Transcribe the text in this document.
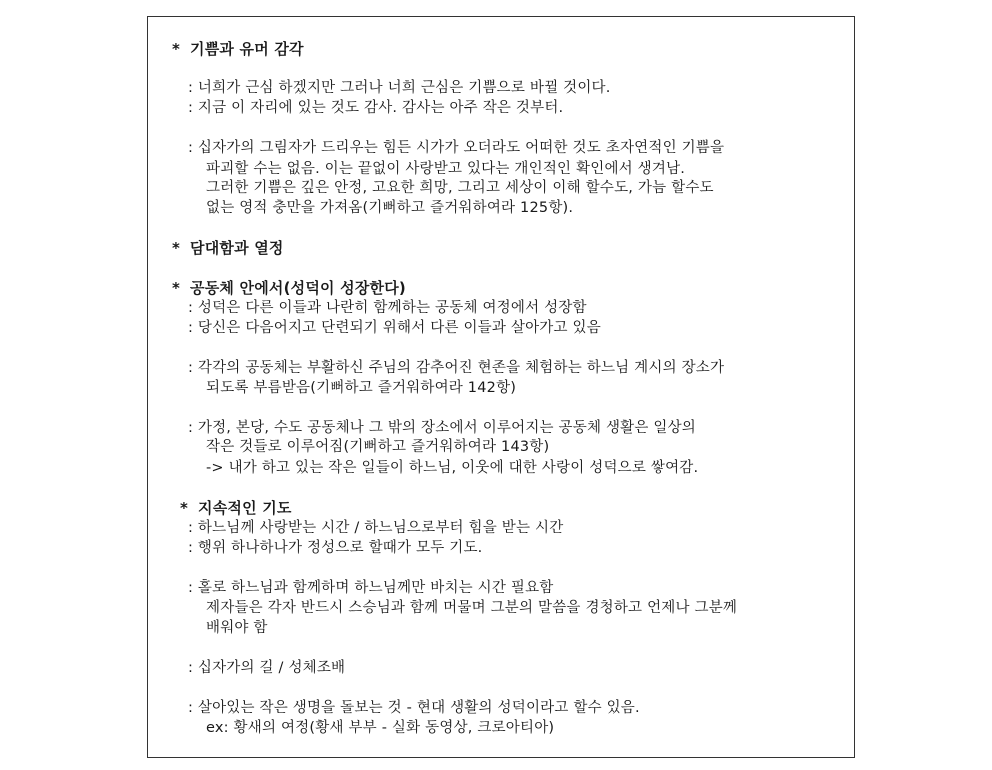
* 기쁨과 유머 감각
: 너희가 근심 하겠지만 그러나 너희 근심은 기쁨으로 바뀔 것이다.
: 지금 이 자리에 있는 것도 감사. 감사는 아주 작은 것부터.
: 십자가의 그림자가 드리우는 힘든 시가가 오더라도 어떠한 것도 초자연적인 기쁨을
파괴할 수는 없음. 이는 끝없이 사랑받고 있다는 개인적인 확인에서 생겨남.
그러한 기쁨은 깊은 안정, 고요한 희망, 그리고 세상이 이해 할수도, 가늠 할수도
없는 영적 충만을 가져옴(기뻐하고 즐거워하여라 125항).
* 담대함과 열정
* 공동체 안에서(성덕이 성장한다)
: 성덕은 다른 이들과 나란히 함께하는 공동체 여정에서 성장함
: 당신은 다음어지고 단련되기 위해서 다른 이들과 살아가고 있음
: 각각의 공동체는 부활하신 주님의 감추어진 현존을 체험하는 하느님 계시의 장소가
되도록 부름받음(기뻐하고 즐거워하여라 142항)
: 가정, 본당, 수도 공동체나 그 밖의 장소에서 이루어지는 공동체 생활은 일상의
작은 것들로 이루어짐(기뻐하고 즐거워하여라 143항)
-> 내가 하고 있는 작은 일들이 하느님, 이웃에 대한 사랑이 성덕으로 쌓여감.
* 지속적인 기도
: 하느님께 사랑받는 시간 / 하느님으로부터 힘을 받는 시간
: 행위 하나하나가 정성으로 할때가 모두 기도.
: 홀로 하느님과 함께하며 하느님께만 바치는 시간 필요함
제자들은 각자 반드시 스승님과 함께 머물며 그분의 말씀을 경청하고 언제나 그분께
배워야 함
: 십자가의 길 / 성체조배
: 살아있는 작은 생명을 돌보는 것 - 현대 생활의 성덕이라고 할수 있음.
ex: 황새의 여정(황새 부부 - 실화 동영상, 크로아티아)
